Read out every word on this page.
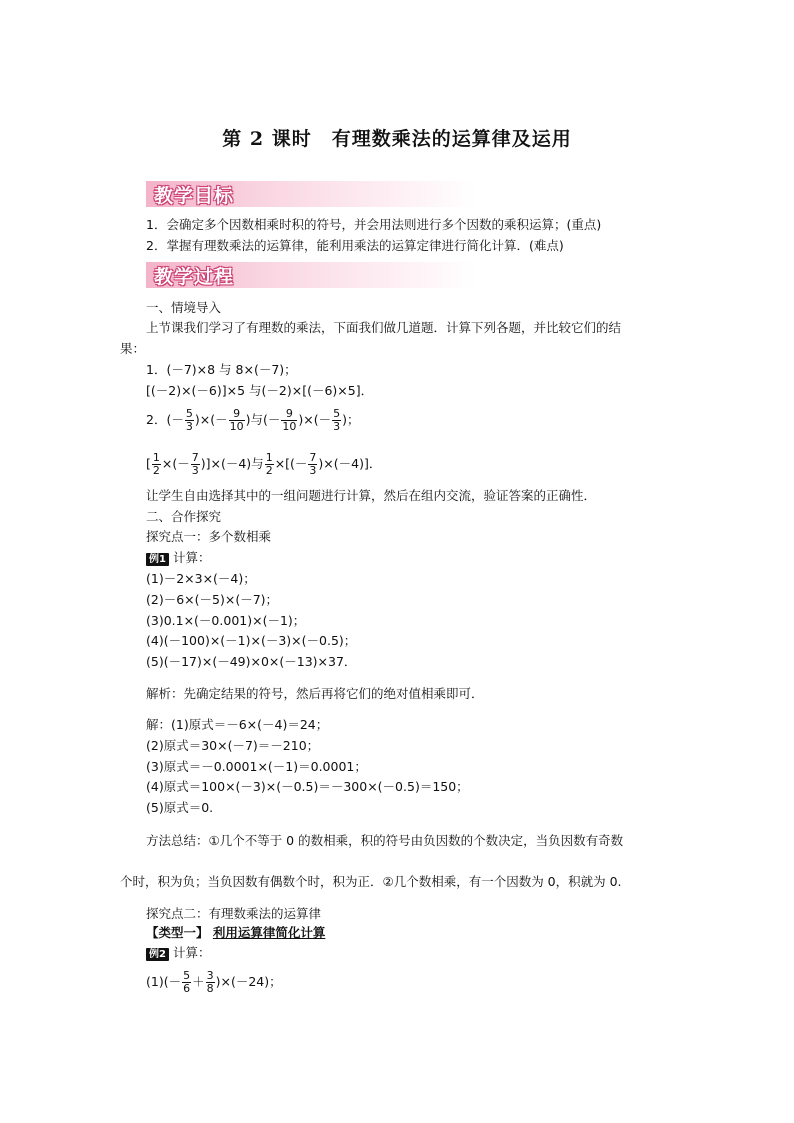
第 2 课时　有理数乘法的运算律及运用
教学目标
1．会确定多个因数相乘时积的符号，并会用法则进行多个因数的乘积运算；(重点)
2．掌握有理数乘法的运算律，能利用乘法的运算定律进行简化计算．(难点)
教学过程
一、情境导入
上节课我们学习了有理数的乘法，下面我们做几道题．计算下列各题，并比较它们的结
果：
1．(－7)×8 与 8×(－7)；
[(－2)×(－6)]×5 与(－2)×[(－6)×5]．
2．(－ $\frac{5}{3}$ )×(－ $\frac{9}{10}$ )与(－ $\frac{9}{10}$ )×(－ $\frac{5}{3}$ )；
[ $\frac{1}{2}$ ×(－ $\frac{7}{3} )]\times(-4)$与 $\frac{1}{2}$ ×[(－ $\frac{7}{3} )\times(-4)$]．
让学生自由选择其中的一组问题进行计算，然后在组内交流，验证答案的正确性．
二、合作探究
探究点一：多个数相乘
例1 计算：
(1)－2×3×(－4)；
(2)－6×(－5)×(－7)；
(3)0.1×(－0.001)×(－1)；
(4)(－100)×(－1)×(－3)×(－0.5)；
(5)(－17)×(－49)×0×(－13)×37．
解析：先确定结果的符号，然后再将它们的绝对值相乘即可．
解：(1)原式＝－6×(－4)＝24；
(2)原式＝30×(－7)＝－210；
(3)原式＝－0.0001×(－1)＝0.0001；
(4)原式＝100×(－3)×(－0.5)＝－300×(－0.5)＝150；
(5)原式＝0.
方法总结：①几个不等于 0 的数相乘，积的符号由负因数的个数决定，当负因数有奇数
个时，积为负；当负因数有偶数个时，积为正．②几个数相乘，有一个因数为 0，积就为 0.
探究点二：有理数乘法的运算律
【类型一】 利用运算律简化计算
例2 计算：
$(1)(- \frac{5}{6} + \frac{3}{8} )\times(-24)$；
